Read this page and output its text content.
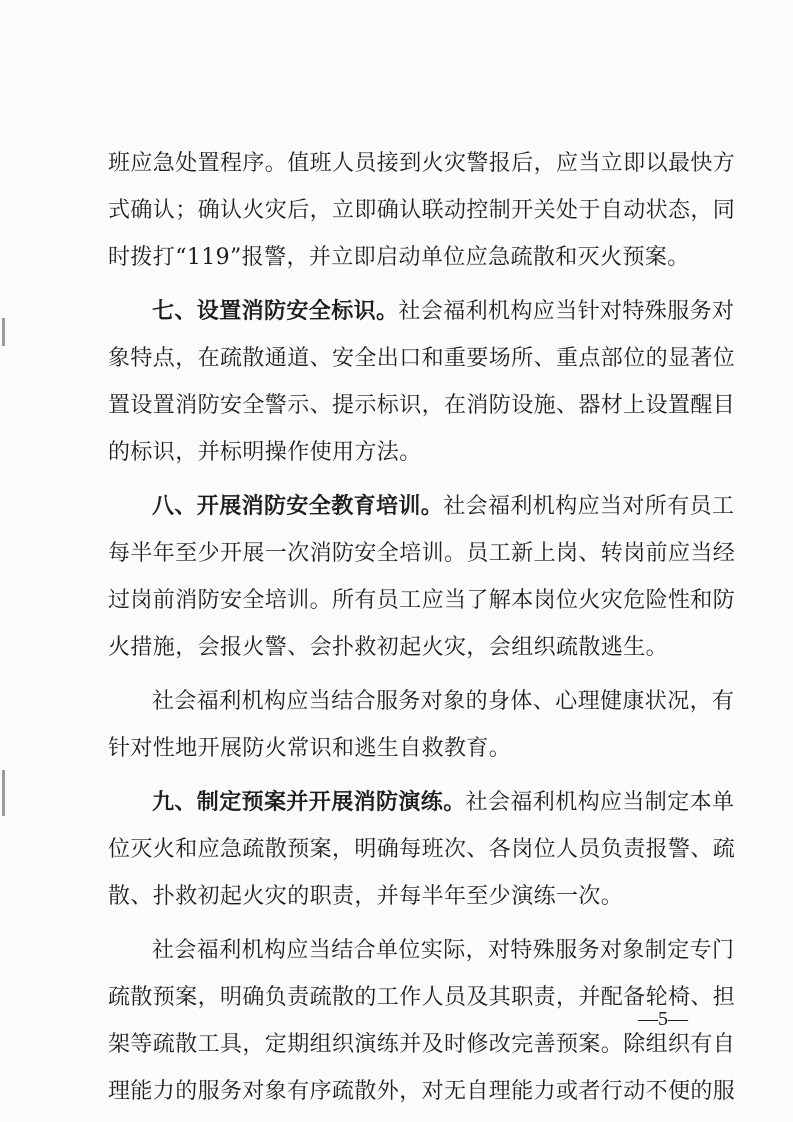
班应急处置程序。值班人员接到火灾警报后，应当立即以最快方
式确认；确认火灾后，立即确认联动控制开关处于自动状态，同
时拨打“119”报警，并立即启动单位应急疏散和灭火预案。
七、设置消防安全标识。社会福利机构应当针对特殊服务对
象特点，在疏散通道、安全出口和重要场所、重点部位的显著位
置设置消防安全警示、提示标识，在消防设施、器材上设置醒目
的标识，并标明操作使用方法。
八、开展消防安全教育培训。社会福利机构应当对所有员工
每半年至少开展一次消防安全培训。员工新上岗、转岗前应当经
过岗前消防安全培训。所有员工应当了解本岗位火灾危险性和防
火措施，会报火警、会扑救初起火灾，会组织疏散逃生。
社会福利机构应当结合服务对象的身体、心理健康状况，有
针对性地开展防火常识和逃生自救教育。
九、制定预案并开展消防演练。社会福利机构应当制定本单
位灭火和应急疏散预案，明确每班次、各岗位人员负责报警、疏
散、扑救初起火灾的职责，并每半年至少演练一次。
社会福利机构应当结合单位实际，对特殊服务对象制定专门
疏散预案，明确负责疏散的工作人员及其职责，并配备轮椅、担
架等疏散工具，定期组织演练并及时修改完善预案。除组织有自
理能力的服务对象有序疏散外，对无自理能力或者行动不便的服
—5—
